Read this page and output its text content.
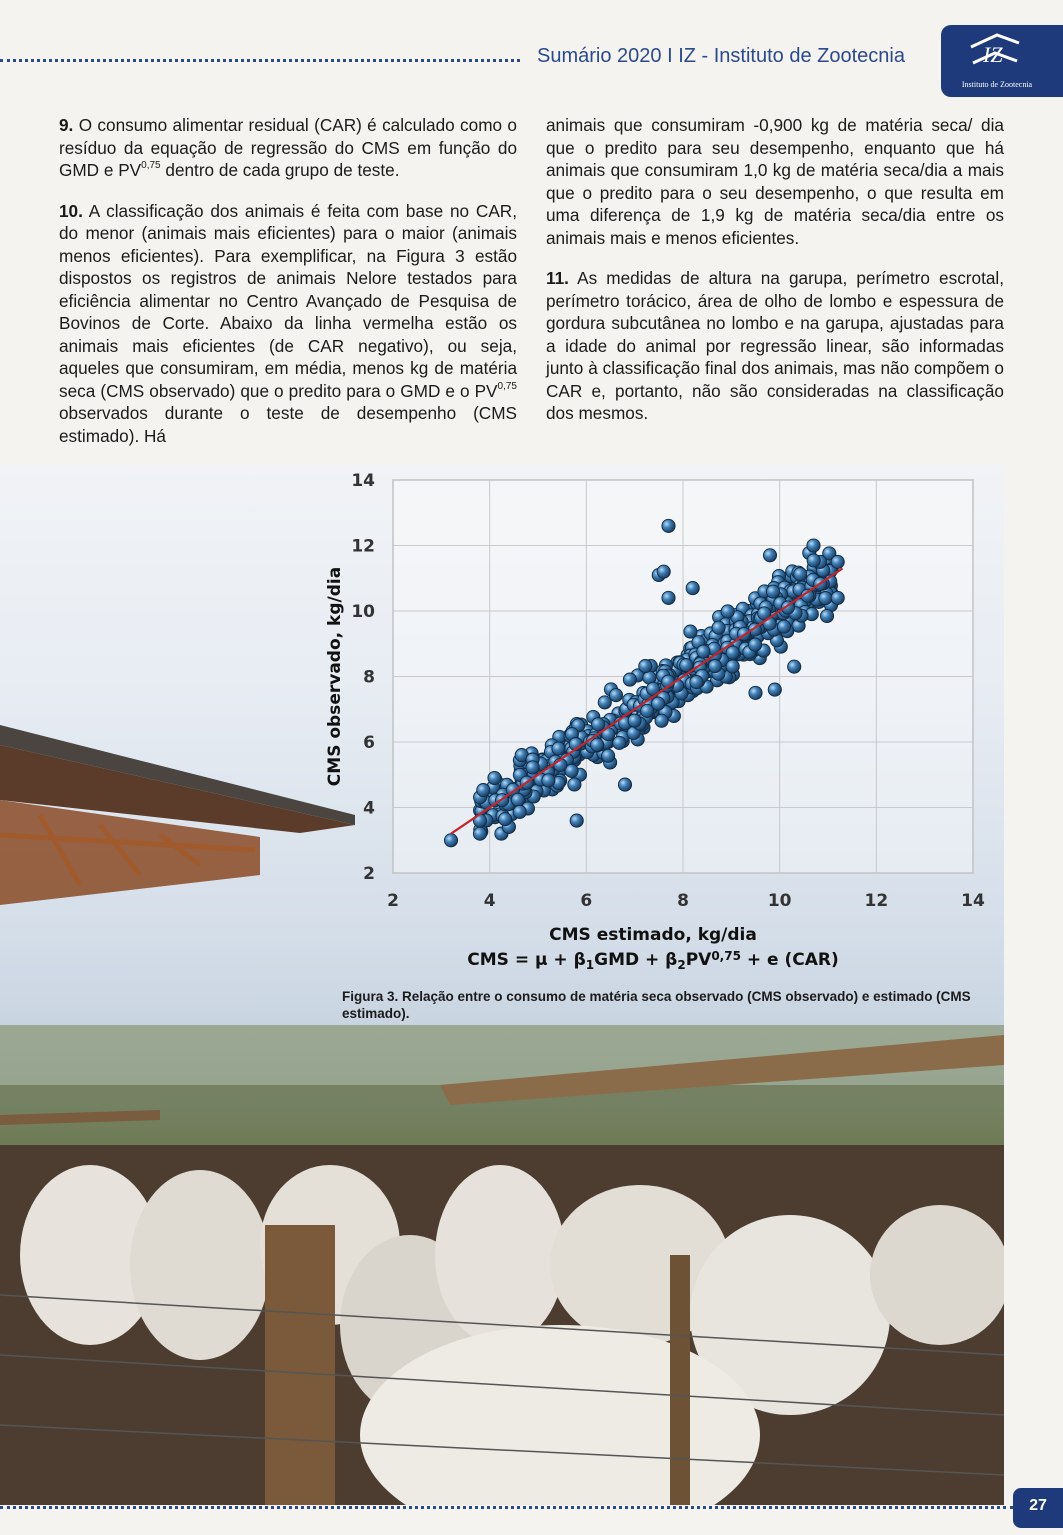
Sumário 2020 I IZ - Instituto de Zootecnia	IZ
Instituto de Zootecnia

9. O consumo alimentar residual (CAR) é calculado como o resíduo da equação de regressão do CMS em função do GMD e PV$^{0,75}$ dentro de cada grupo de teste.

10. A classificação dos animais é feita com base no CAR, do menor (animais mais eficientes) para o maior (animais menos eficientes). Para exemplificar, na Figura 3 estão dispostos os registros de animais Nelore testados para eficiência alimentar no Centro Avançado de Pesquisa de Bovinos de Corte. Abaixo da linha vermelha estão os animais mais eficientes (de CAR negativo), ou seja, aqueles que consumiram, em média, menos kg de matéria seca (CMS observado) que o predito para o GMD e o PV$^{0,75}$ observados durante o teste de desempenho (CMS estimado). Há

animais que consumiram -0,900 kg de matéria seca/ dia que o predito para seu desempenho, enquanto que há animais que consumiram 1,0 kg de matéria seca/dia a mais que o predito para o seu desempenho, o que resulta em uma diferença de 1,9 kg de matéria seca/dia entre os animais mais e menos eficientes.

11. As medidas de altura na garupa, perímetro escrotal, perímetro torácico, área de olho de lombo e espessura de gordura subcutânea no lombo e na garupa, ajustadas para a idade do animal por regressão linear, são informadas junto à classificação final dos animais, mas não compõem o CAR e, portanto, não são consideradas na classificação dos mesmos.

2	4	6	8	10	12	14
2
4
6
8
10
12
14
CMS estimado, kg/dia
CMS observado, kg/dia
CMS = µ + β1GMD + β2PV0,75 + e (CAR)
Figura 3. Relação entre o consumo de matéria seca observado (CMS observado) e estimado (CMS estimado).
27
